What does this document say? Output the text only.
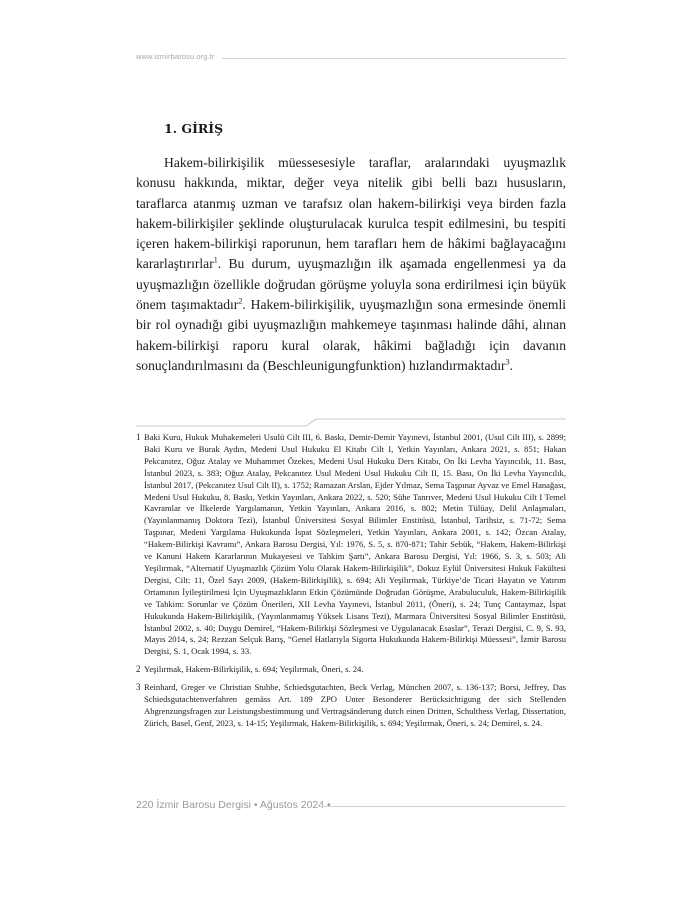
www.izmirbarosu.org.tr
1. GİRİŞ

Hakem-bilirkişilik müessesesiyle taraflar, aralarındaki uyuşmazlık konusu hakkında, miktar, değer veya nitelik gibi belli bazı hususların, taraflarca atanmış uzman ve tarafsız olan hakem-bilirkişi veya birden fazla hakem-bilirkişiler şeklinde oluşturulacak kurulca tespit edilmesini, bu tespiti içeren hakem-bilirkişi raporunun, hem tarafları hem de hâkimi bağlayacağını kararlaştırırlar$^1$. Bu durum, uyuşmazlığın ilk aşamada engellenmesi ya da uyuşmazlığın özellikle doğrudan görüşme yoluyla sona erdirilmesi için büyük önem taşımaktadır$^2$. Hakem-bilirkişilik, uyuşmazlığın sona ermesinde önemli bir rol oynadığı gibi uyuşmazlığın mahkemeye taşınması halinde dâhi, alınan hakem-bilirkişi raporu kural olarak, hâkimi bağladığı için davanın sonuçlandırılmasını da (Beschleunigungfunktion) hızlandırmaktadır$^3$.

1 Baki Kuru, Hukuk Muhakemeleri Usulü Cilt III, 6. Baskı, Demir-Demir Yayınevi, İstanbul 2001, (Usul Cilt III), s. 2899; Baki Kuru ve Burak Aydın, Medeni Usul Hukuku El Kitabı Cilt I, Yetkin Yayınları, Ankara 2021, s. 851; Hakan Pekcanıtez, Oğuz Atalay ve Muhammet Özekes, Medeni Usul Hukuku Ders Kitabı, On İki Levha Yayıncılık, 11. Bası, İstanbul 2023, s. 383; Oğuz Atalay, Pekcanıtez Usul Medeni Usul Hukuku Cilt II, 15. Bası, On İki Levha Yayıncılık, İstanbul 2017, (Pekcanıtez Usul Cilt II), s. 1752; Ramazan Arslan, Ejder Yılmaz, Sema Taşpınar Ayvaz ve Emel Hanağası, Medeni Usul Hukuku, 8. Baskı, Yetkin Yayınları, Ankara 2022, s. 520; Sühe Tanrıver, Medeni Usul Hukuku Cilt I Temel Kavramlar ve İlkelerde Yargılamanın, Yetkin Yayınları, Ankara 2016, s. 802; Metin Tülüay, Delil Anlaşmaları, (Yayınlanmamış Doktora Tezi), İstanbul Üniversitesi Sosyal Bilimler Enstitüsü, İstanbul, Tarihsiz, s. 71-72; Sema Taşpınar, Medeni Yargılama Hukukunda İspat Sözleşmeleri, Yetkin Yayınları, Ankara 2001, s. 142; Özcan Atalay, “Hakem-Bilirkişi Kavramı”, Ankara Barosu Dergisi, Yıl: 1976, S. 5, s. 870-871; Tahir Sebük, “Hakem, Hakem-Bilirkişi ve Kanuni Hakem Kararlarının Mukayesesi ve Tahkim Şartı”, Ankara Barosu Dergisi, Yıl: 1966, S. 3, s. 503; Ali Yeşilırmak, “Alternatif Uyuşmazlık Çözüm Yolu Olarak Hakem-Bilirkişilik”, Dokuz Eylül Üniversitesi Hukuk Fakültesi Dergisi, Cilt: 11, Özel Sayı 2009, (Hakem-Bilirkişilik), s. 694; Ali Yeşilırmak, Türkiye’de Ticari Hayatın ve Yatırım Ortamının İyileştirilmesi İçin Uyuşmazlıkların Etkin Çözümünde Doğrudan Görüşme, Arabuluculuk, Hakem-Bilirkişilik ve Tahkim: Sorunlar ve Çözüm Önerileri, XII Levha Yayınevi, İstanbul 2011, (Öneri), s. 24; Tunç Cantaymaz, İspat Hukukunda Hakem-Bilirkişilik, (Yayınlanmamış Yüksek Lisans Tezi), Marmara Üniversitesi Sosyal Bilimler Enstitüsü, İstanbul 2002, s. 40; Duygu Demirel, “Hakem-Bilirkişi Sözleşmesi ve Uygulanacak Esaslar”, Terazi Dergisi, C. 9, S. 93, Mayıs 2014, s. 24; Rezzan Selçuk Barış, “Genel Hatlarıyla Sigorta Hukukunda Hakem-Bilirkişi Müessesi”, İzmir Barosu Dergisi, S. 1, Ocak 1994, s. 33.
2 Yeşilırmak, Hakem-Bilirkişilik, s. 694; Yeşilırmak, Öneri, s. 24.
3 Reinhard, Greger ve Christian Stubbe, Schiedsgutachten, Beck Verlag, München 2007, s. 136-137; Borsi, Jeffrey, Das Schiedsgutachtenverfahren gemäss Art. 189 ZPO Unter Besonderer Berücksichtigung der sich Stellenden Abgrenzungsfragen zur Leistungsbestimmung und Vertragsänderung durch einen Dritten, Schulthess Verlag, Dissertation, Zürich, Basel, Genf, 2023, s. 14-15; Yeşilırmak, Hakem-Bilirkişilik, s. 694; Yeşilırmak, Öneri, s. 24; Demirel, s. 24.
220 İzmir Barosu Dergisi • Ağustos 2024 •
